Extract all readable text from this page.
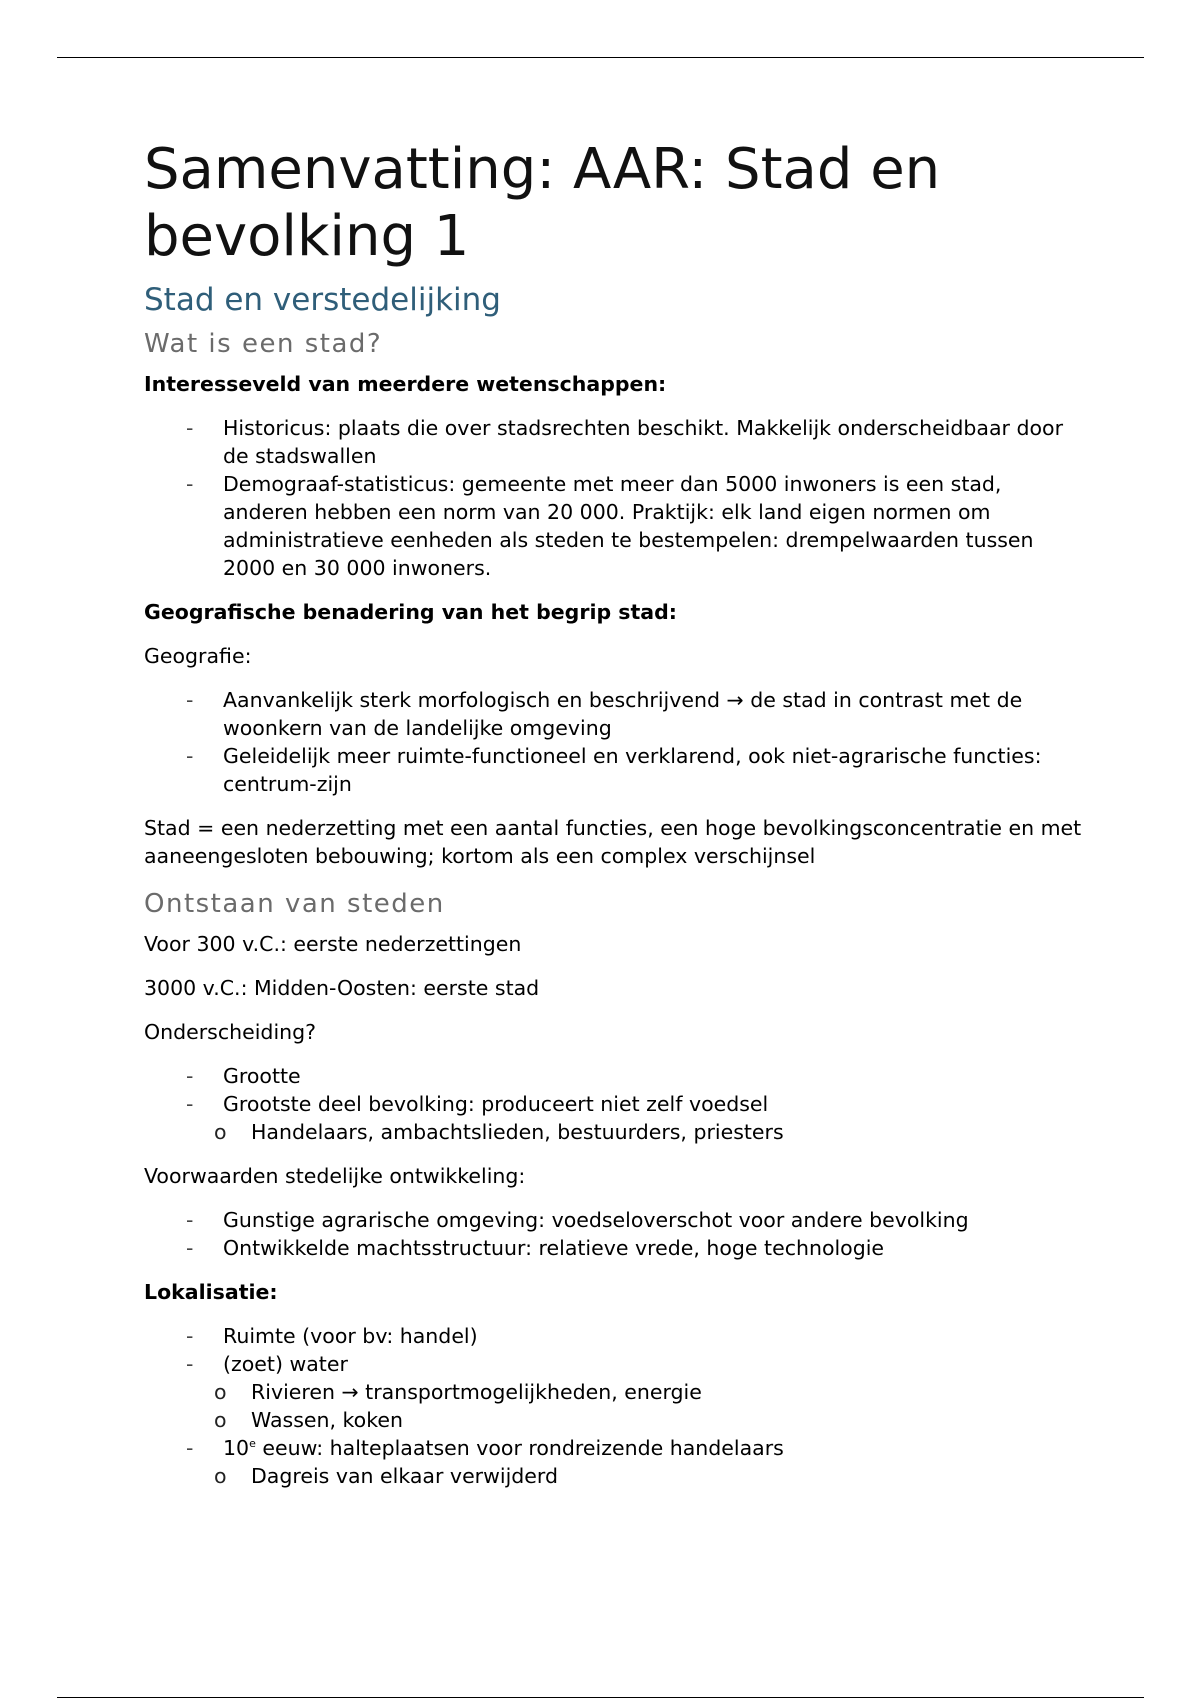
Samenvatting: AAR: Stad en bevolking 1
Stad en verstedelijking
Wat is een stad?

Interesseveld van meerdere wetenschappen:

- Historicus: plaats die over stadsrechten beschikt. Makkelijk onderscheidbaar door de stadswallen
- Demograaf-statisticus: gemeente met meer dan 5000 inwoners is een stad, anderen hebben een norm van 20 000. Praktijk: elk land eigen normen om administratieve eenheden als steden te bestempelen: drempelwaarden tussen 2000 en 30 000 inwoners.

Geografische benadering van het begrip stad:

Geografie:

- Aanvankelijk sterk morfologisch en beschrijvend → de stad in contrast met de woonkern van de landelijke omgeving
- Geleidelijk meer ruimte-functioneel en verklarend, ook niet-agrarische functies: centrum-zijn

Stad = een nederzetting met een aantal functies, een hoge bevolkingsconcentratie en met aaneengesloten bebouwing; kortom als een complex verschijnsel

Ontstaan van steden

Voor 300 v.C.: eerste nederzettingen

3000 v.C.: Midden-Oosten: eerste stad

Onderscheiding?

- Grootte
- Grootste deel bevolking: produceert niet zelf voedsel
o Handelaars, ambachtslieden, bestuurders, priesters

Voorwaarden stedelijke ontwikkeling:

- Gunstige agrarische omgeving: voedseloverschot voor andere bevolking
- Ontwikkelde machtsstructuur: relatieve vrede, hoge technologie

Lokalisatie:

- Ruimte (voor bv: handel)
- (zoet) water
o Rivieren → transportmogelijkheden, energie
o Wassen, koken
- 10e eeuw: halteplaatsen voor rondreizende handelaars
o Dagreis van elkaar verwijderd
